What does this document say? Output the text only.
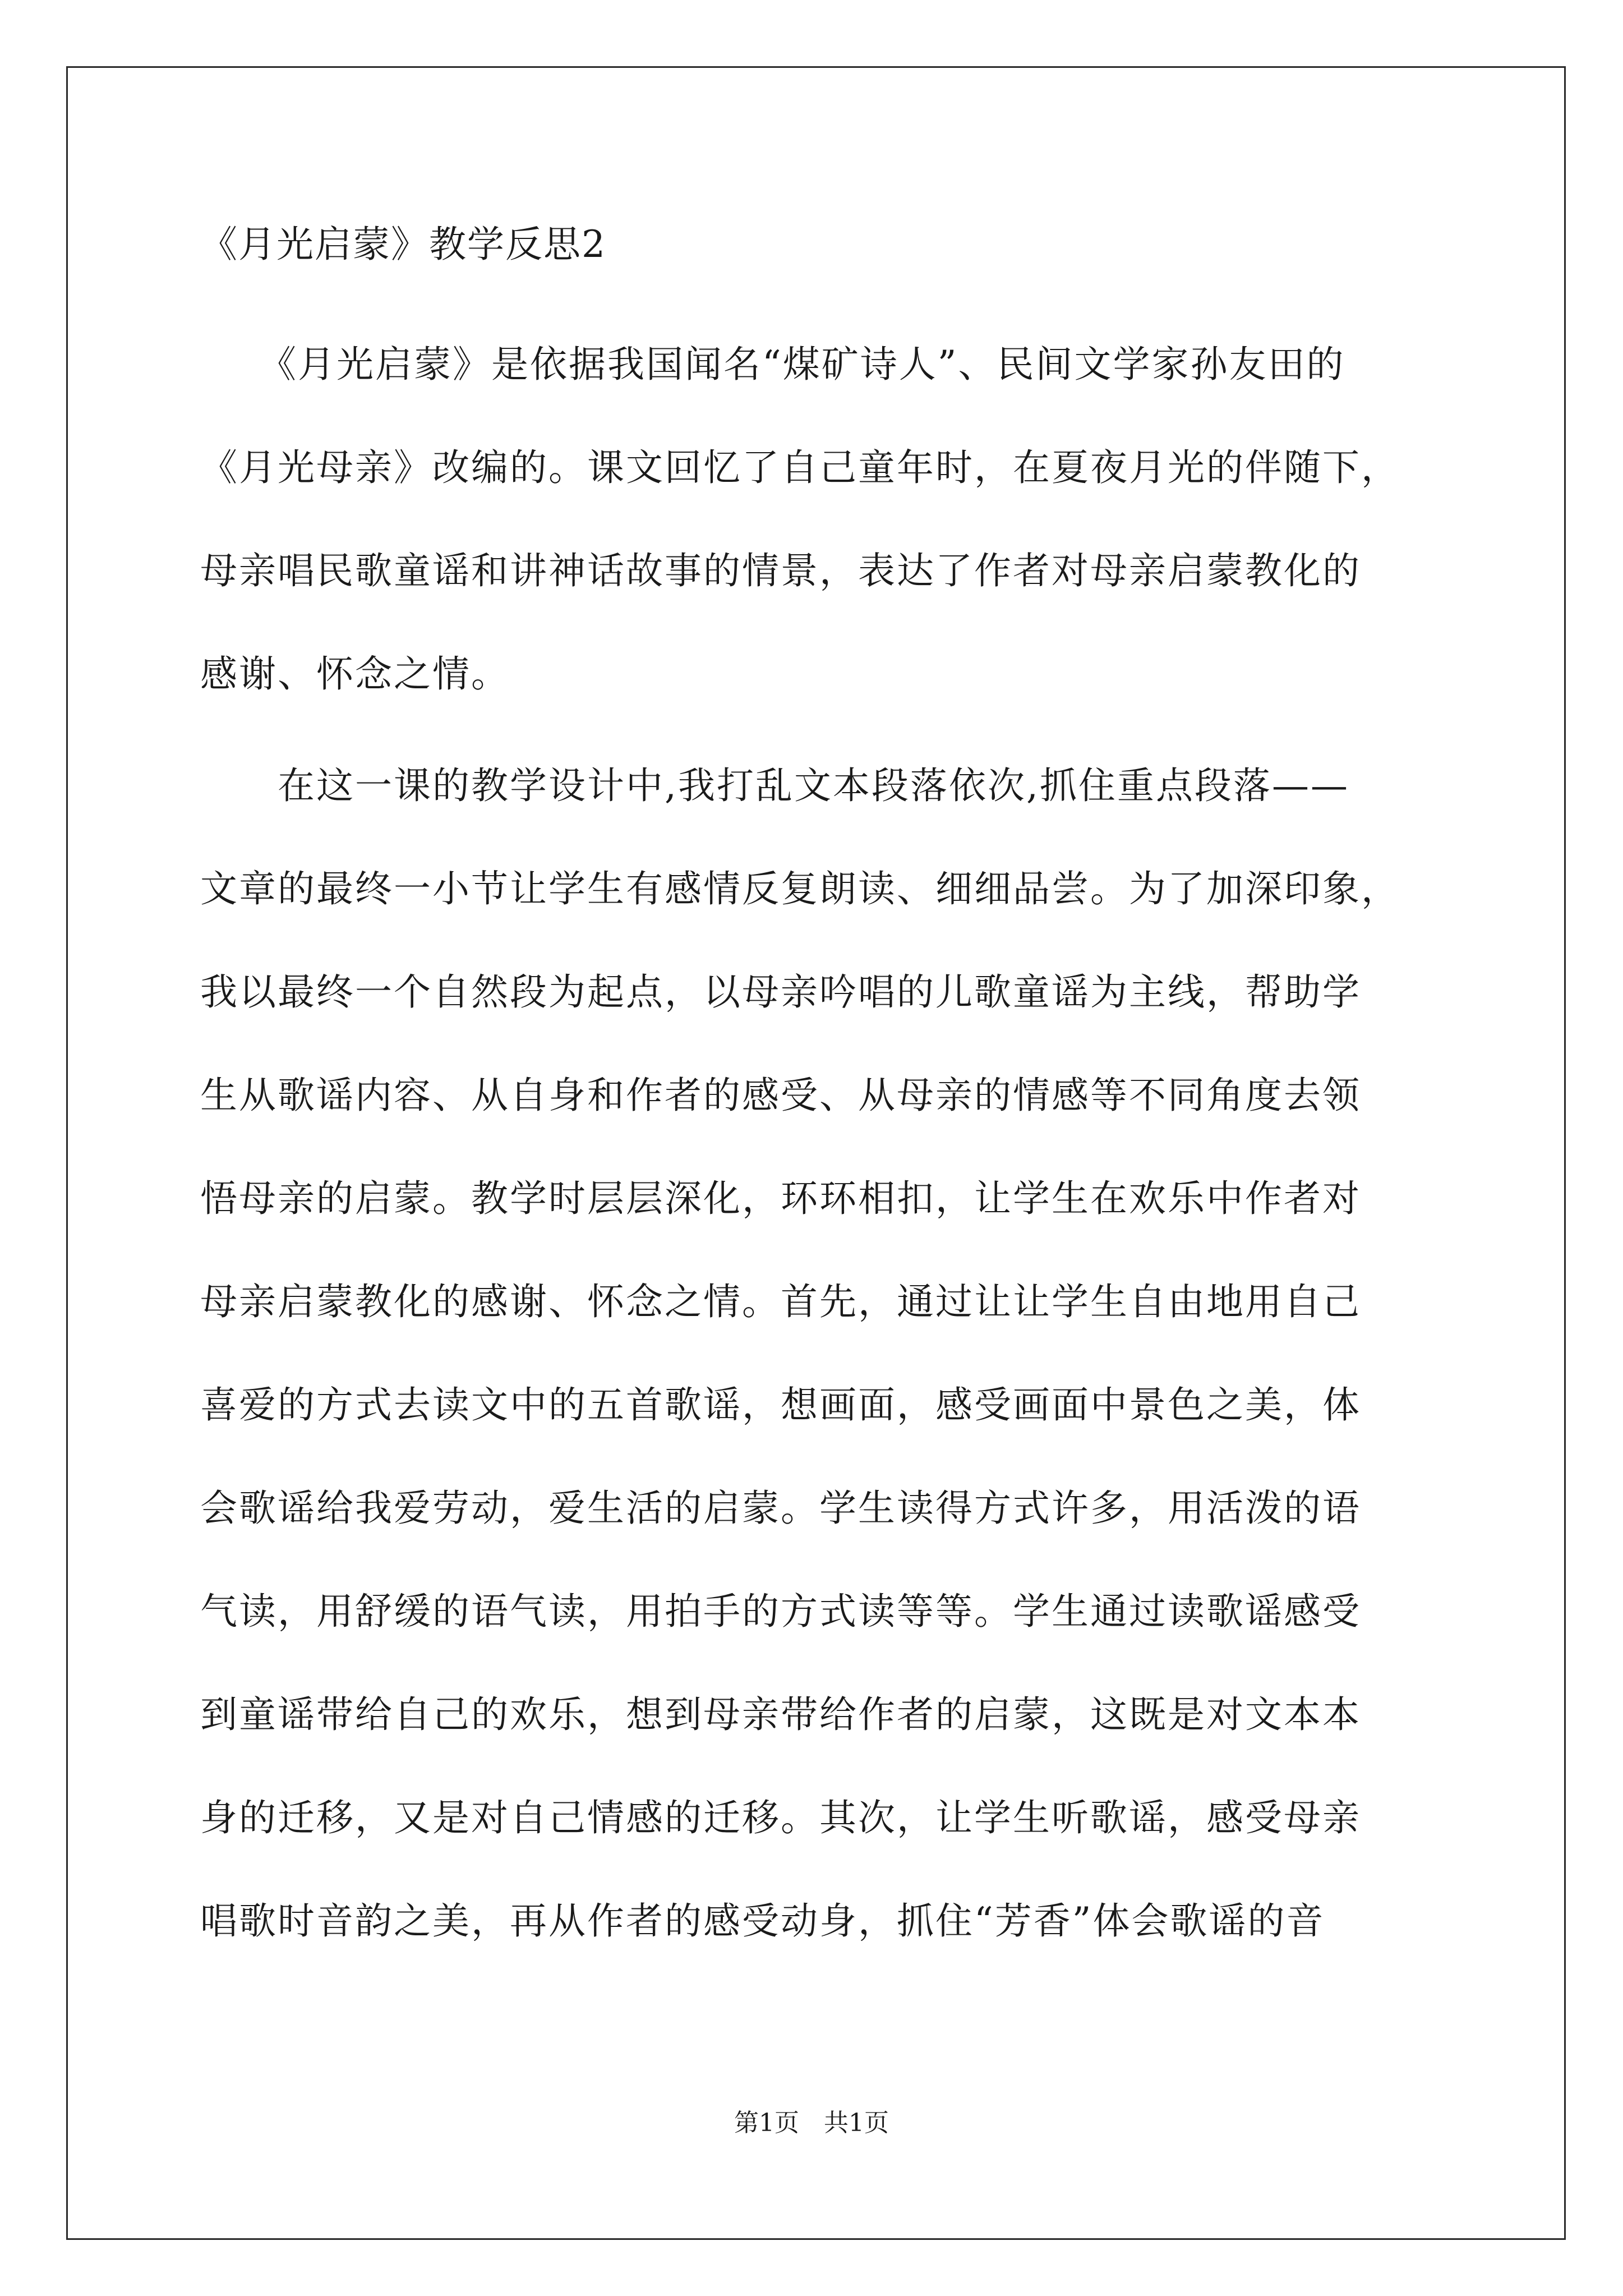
《月光启蒙》教学反思2
　　《月光启蒙》是依据我国闻名“煤矿诗人”、民间文学家孙友田的
《月光母亲》改编的。课文回忆了自己童年时，在夏夜月光的伴随下，
母亲唱民歌童谣和讲神话故事的情景，表达了作者对母亲启蒙教化的
感谢、怀念之情。
　　在这一课的教学设计中,我打乱文本段落依次,抓住重点段落——
文章的最终一小节让学生有感情反复朗读、细细品尝。为了加深印象，
我以最终一个自然段为起点，以母亲吟唱的儿歌童谣为主线，帮助学
生从歌谣内容、从自身和作者的感受、从母亲的情感等不同角度去领
悟母亲的启蒙。教学时层层深化，环环相扣，让学生在欢乐中作者对
母亲启蒙教化的感谢、怀念之情。首先，通过让让学生自由地用自己
喜爱的方式去读文中的五首歌谣，想画面，感受画面中景色之美，体
会歌谣给我爱劳动，爱生活的启蒙。学生读得方式许多，用活泼的语
气读，用舒缓的语气读，用拍手的方式读等等。学生通过读歌谣感受
到童谣带给自己的欢乐，想到母亲带给作者的启蒙，这既是对文本本
身的迁移，又是对自己情感的迁移。其次，让学生听歌谣，感受母亲
唱歌时音韵之美，再从作者的感受动身，抓住“芳香”体会歌谣的音
第1页　共1页
